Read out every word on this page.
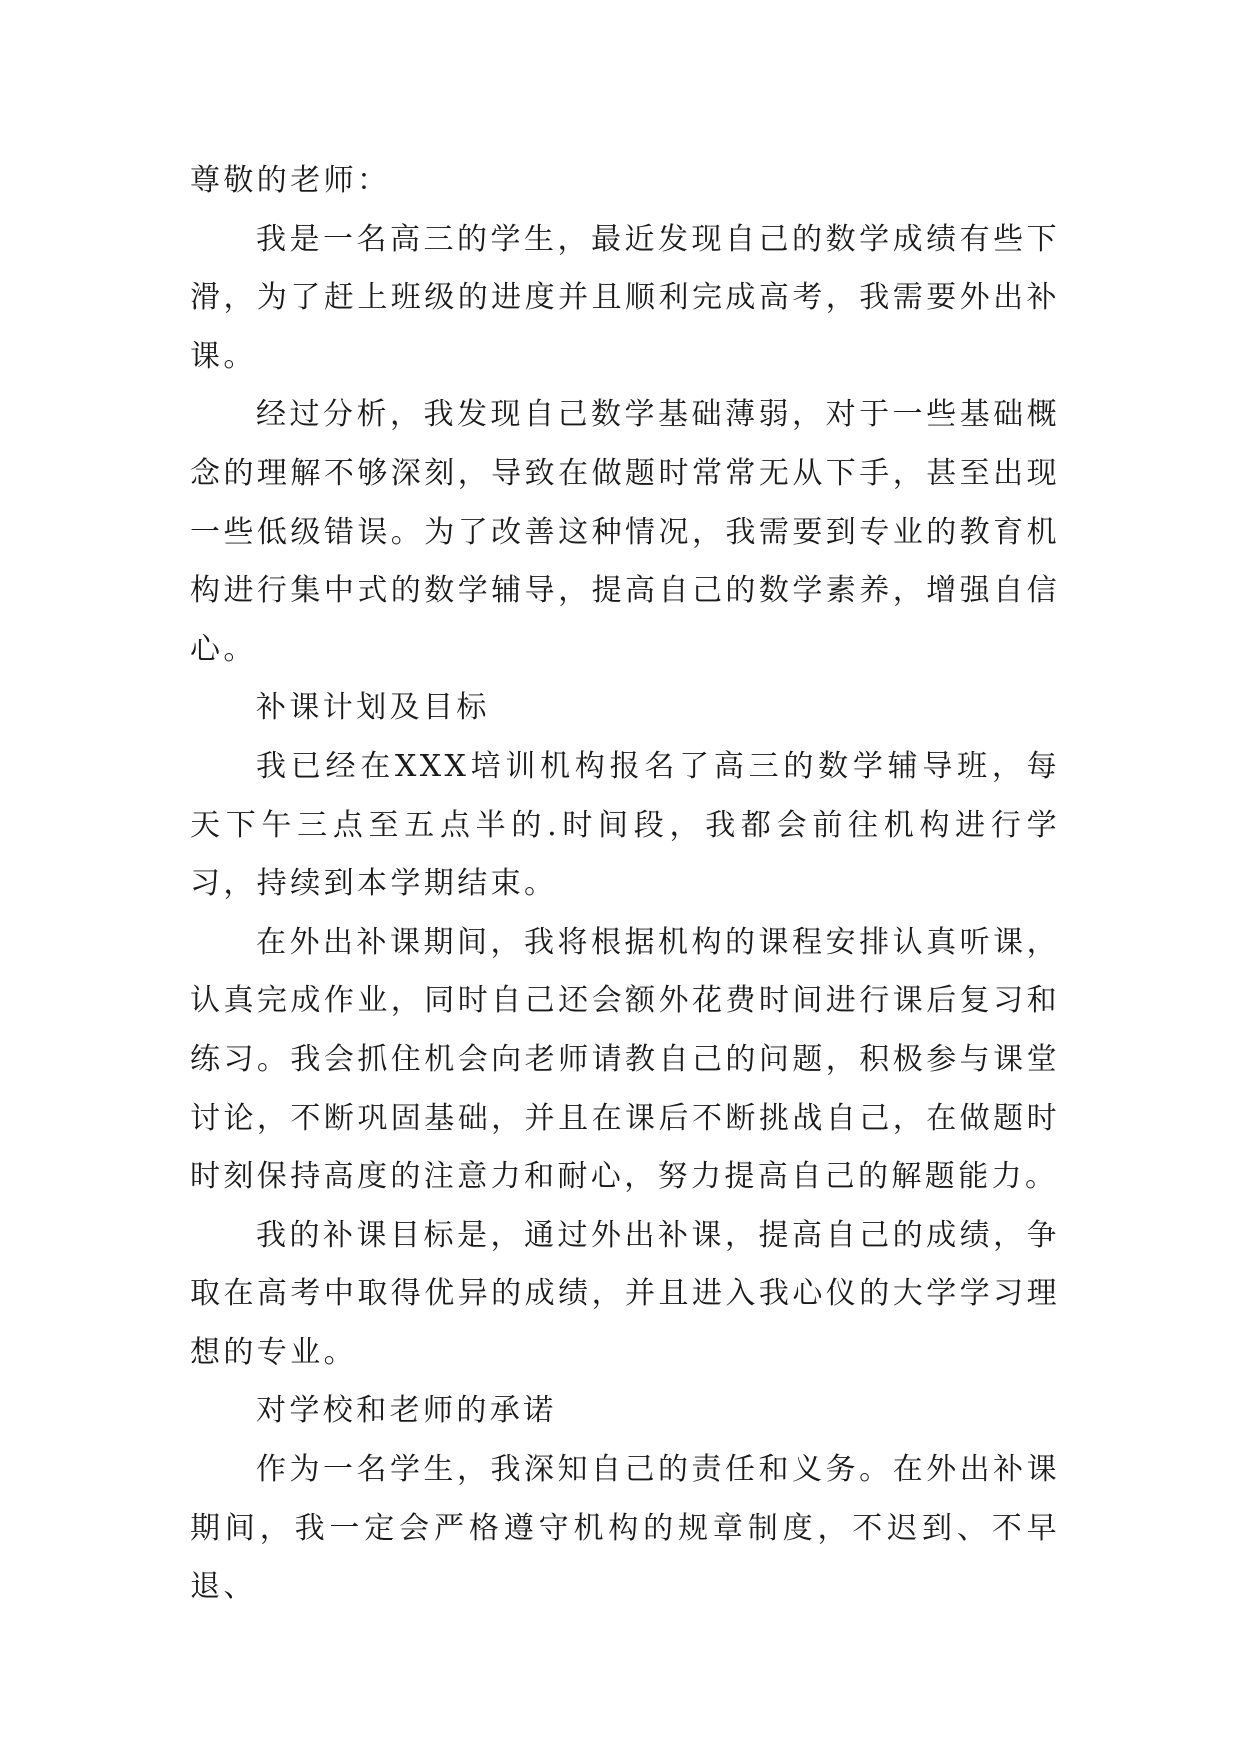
尊敬的老师：

我是一名高三的学生，最近发现自己的数学成绩有些下滑，为了赶上班级的进度并且顺利完成高考，我需要外出补课。

经过分析，我发现自己数学基础薄弱，对于一些基础概念的理解不够深刻，导致在做题时常常无从下手，甚至出现一些低级错误。为了改善这种情况，我需要到专业的教育机构进行集中式的数学辅导，提高自己的数学素养，增强自信心。

补课计划及目标

我已经在XXX培训机构报名了高三的数学辅导班，每天下午三点至五点半的.时间段，我都会前往机构进行学习，持续到本学期结束。

在外出补课期间，我将根据机构的课程安排认真听课，认真完成作业，同时自己还会额外花费时间进行课后复习和练习。我会抓住机会向老师请教自己的问题，积极参与课堂讨论，不断巩固基础，并且在课后不断挑战自己，在做题时时刻保持高度的注意力和耐心，努力提高自己的解题能力。

我的补课目标是，通过外出补课，提高自己的成绩，争取在高考中取得优异的成绩，并且进入我心仪的大学学习理想的专业。

对学校和老师的承诺

作为一名学生，我深知自己的责任和义务。在外出补课期间，我一定会严格遵守机构的规章制度，不迟到、不早退、
